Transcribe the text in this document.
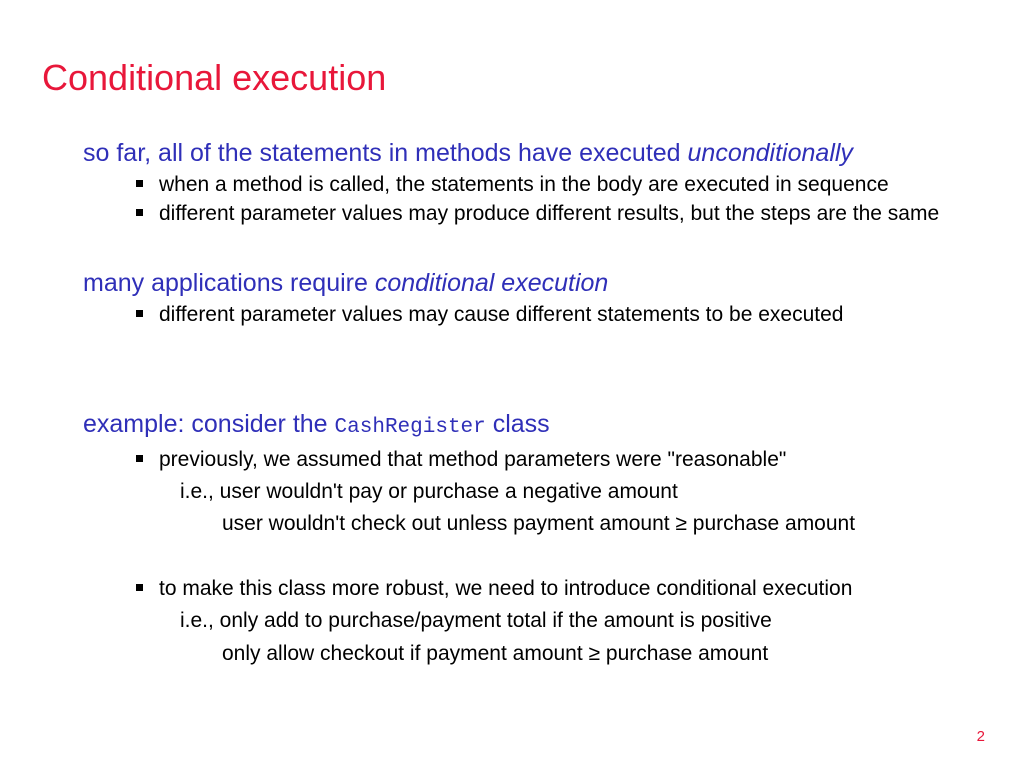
Conditional execution
so far, all of the statements in methods have executed unconditionally
when a method is called, the statements in the body are executed in sequence
different parameter values may produce different results, but the steps are the same
many applications require conditional execution
different parameter values may cause different statements to be executed
example: consider the CashRegister class
previously, we assumed that method parameters were "reasonable"
i.e., user wouldn't pay or purchase a negative amount
user wouldn't check out unless payment amount ≥ purchase amount
to make this class more robust, we need to introduce conditional execution
i.e., only add to purchase/payment total if the amount is positive
only allow checkout if payment amount ≥ purchase amount
2
